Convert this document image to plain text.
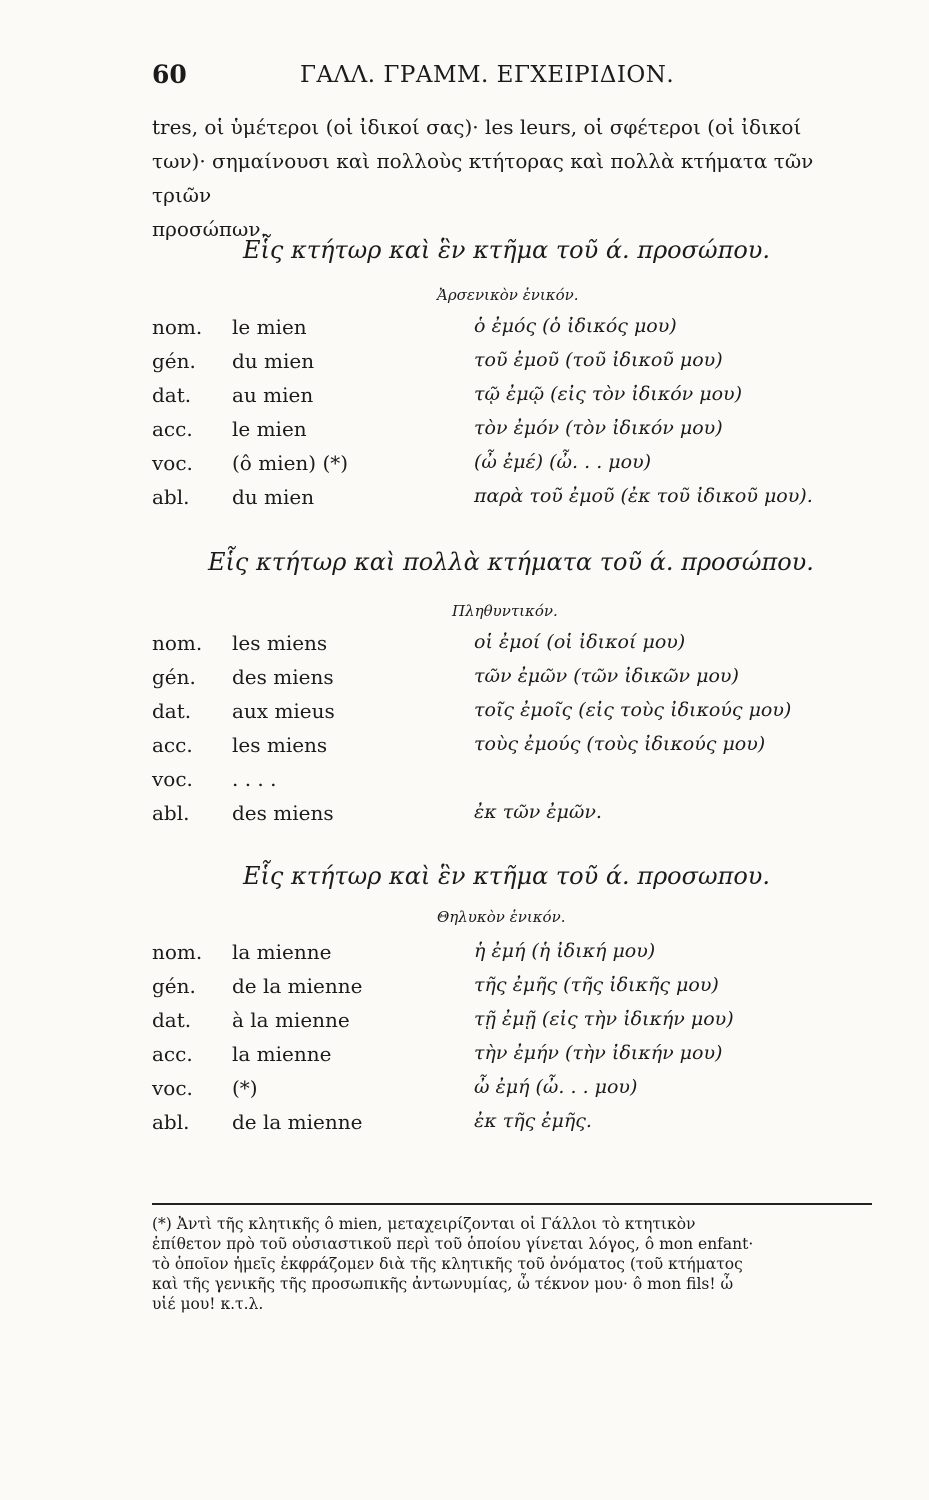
60	ΓΑΛΛ. ΓΡΑΜΜ. ΕΓΧΕΙΡΙΔΙΟΝ.

tres, οἱ ὑμέτεροι (οἱ ἰδικοί σας)· les leurs, οἱ σφέτεροι (οἱ ἰδικοί

των)· σημαίνουσι καὶ πολλοὺς κτήτορας καὶ πολλὰ κτήματα τῶν τριῶν

προσώπων.

Εἷς κτήτωρ καὶ ἓν κτῆμα τοῦ ά. προσώπου.
Ἀρσενικὸν ἑνικόν.
nom. le mien	ὁ ἐμός (ὁ ἰδικός μου)
gén. du mien	τοῦ ἐμοῦ (τοῦ ἰδικοῦ μου)
dat. au mien	τῷ ἐμῷ (εἰς τὸν ἰδικόν μου)
acc. le mien	τὸν ἐμόν (τὸν ἰδικόν μου)
voc. (ô mien) (*)	(ὦ ἐμέ) (ὦ. . . μου)
abl. du mien	παρὰ τοῦ ἐμοῦ (ἐκ τοῦ ἰδικοῦ μου).
Εἷς κτήτωρ καὶ πολλὰ κτήματα τοῦ ά. προσώπου.
Πληθυντικόν.
nom. les miens	οἱ ἐμοί (οἱ ἰδικοί μου)
gén. des miens	τῶν ἐμῶν (τῶν ἰδικῶν μου)
dat. aux mieus	τοῖς ἐμοῖς (εἰς τοὺς ἰδικούς μου)
acc. les miens	τοὺς ἐμούς (τοὺς ἰδικούς μου)
voc. . . . .
abl. des miens	ἐκ τῶν ἐμῶν.
Εἷς κτήτωρ καὶ ἓν κτῆμα τοῦ ά. προσωπου.
Θηλυκὸν ἑνικόν.
nom. la mienne	ἡ ἐμή (ἡ ἰδική μου)
gén. de la mienne	τῆς ἐμῆς (τῆς ἰδικῆς μου)
dat. à la mienne	τῇ ἐμῇ (εἰς τὴν ἰδικήν μου)
acc. la mienne	τὴν ἐμήν (τὴν ἰδικήν μου)
voc. (*)	ὦ ἐμή (ὦ. . . μου)
abl. de la mienne	ἐκ τῆς ἐμῆς.

(*) Ἀντὶ τῆς κλητικῆς ô mien, μεταχειρίζονται οἱ Γάλλοι τὸ κτητικὸν

ἐπίθετον πρὸ τοῦ οὐσιαστικοῦ περὶ τοῦ ὁποίου γίνεται λόγος, ô mon enfant·

τὸ ὁποῖον ἡμεῖς ἐκφράζομεν διὰ τῆς κλητικῆς τοῦ ὀνόματος (τοῦ κτήματος

καὶ τῆς γενικῆς τῆς προσωπικῆς ἀντωνυμίας, ὦ τέκνον μου· ô mon fils! ὦ

υἱέ μου! κ.τ.λ.
